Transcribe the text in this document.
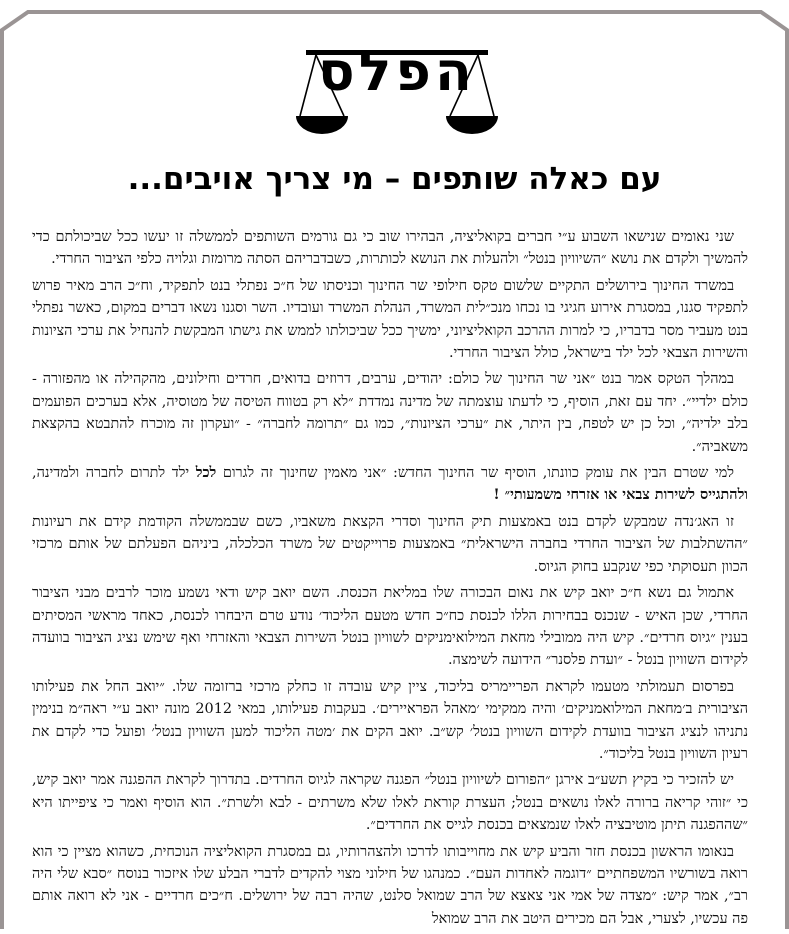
הפלס
עם כאלה שותפים – מי צריך אויבים...

שני נאומים שנישאו השבוע ע״י חברים בקואליציה, הבהירו שוב כי גם גורמים השותפים לממשלה זו יעשו ככל שביכולתם כדי להמשיך ולקדם את נושא ״השיוויון בנטל״ ולהעלות את הנושא לכותרות, כשבדבריהם הסתה מרומזת וגלויה כלפי הציבור החרדי.

במשרד החינוך בירושלים התקיים שלשום טקס חילופי שר החינוך וכניסתו של ח״כ נפתלי בנט לתפקיד, וח״כ הרב מאיר פרוש לתפקיד סגנו, במסגרת אירוע חגיגי בו נכחו מנכ״לית המשרד, הנהלת המשרד ועובדיו. השר וסגנו נשאו דברים במקום, כאשר נפתלי בנט מעביר מסר בדבריו, כי למרות ההרכב הקואליציוני, ימשיך ככל שביכולתו לממש את גישתו המבקשת להנחיל את ערכי הציונות והשירות הצבאי לכל ילד בישראל, כולל הציבור החרדי.

במהלך הטקס אמר בנט ״אני שר החינוך של כולם: יהודים, ערבים, דרוזים בדואים, חרדים וחילונים, מהקהילה או מהפזורה - כולם ילדיי״. יחד עם זאת, הוסיף, כי לדעתו עוצמתה של מדינה נמדדת ״לא רק בטווח הטיסה של מטוסיה, אלא בערכים הפועמים בלב ילדיה״, וכל כן יש לטפח, בין היתר, את ״ערכי הציונות״, כמו גם ״תרומה לחברה״ - ״ועקרון זה מוכרח להתבטא בהקצאת משאביה״.

למי שטרם הבין את עומק כוונתו, הוסיף שר החינוך החדש: ״אני מאמין שחינוך זה לגרום לכל ילד לתרום לחברה ולמדינה, ולהתגייס לשירות צבאי או אזרחי משמעותי״ !

זו האג׳נדה שמבקש לקדם בנט באמצעות תיק החינוך וסדרי הקצאת משאביו, כשם שבממשלה הקודמת קידם את רעיונות ״ההשתלבות של הציבור החרדי בחברה הישראלית״ באמצעות פרוייקטים של משרד הכלכלה, ביניהם הפעלתם של אותם מרכזי הכוון תעסוקתי כפי שנקבע בחוק הגיוס.

אתמול גם נשא ח״כ יואב קיש את נאום הבכורה שלו במליאת הכנסת. השם יואב קיש ודאי נשמע מוכר לרבים מבני הציבור החרדי, שכן האיש - שנכנס בבחירות הללו לכנסת כח״כ חדש מטעם הליכוד׳ נודע טרם היבחרו לכנסת, כאחד מראשי המסיתים בענין ״גיוס חרדים״. קיש היה ממובילי מחאת המילואימניקים לשוויון בנטל השירות הצבאי והאזרחי ואף שימש נציג הציבור בוועדה לקידום השוויון בנטל - ״ועדת פלסנר״ הידועה לשימצה.

בפרסום תעמולתי מטעמו לקראת הפריימריס בליכוד, ציין קיש עובדה זו כחלק מרכזי ברזומה שלו. ״יואב החל את פעילותו הציבורית ב׳מחאת המילואמניקים׳ והיה ממקימי ׳מאהל הפראיירים׳. בעקבות פעילותו, במאי 2012 מונה יואב ע״י ראה״מ בנימין נתניהו לנציג הציבור בוועדת לקידום השוויון בנטל׳ קש״ב. יואב הקים את ׳מטה הליכוד למען השוויון בנטל׳ ופועל כדי לקדם את רעיון השוויון בנטל בליכוד״.

יש להזכיר כי בקיץ תשע״ב אירגן ״הפורום לשיוויון בנטל״ הפגנה שקראה לגיוס החרדים. בתדרוך לקראת ההפגנה אמר יואב קיש, כי ״זוהי קריאה ברורה לאלו נושאים בנטל; העצרת קוראת לאלו שלא משרתים - לבא ולשרת״. הוא הוסיף ואמר כי ציפייתו היא ״שההפגנה תיתן מוטיבציה לאלו שנמצאים בכנסת לגייס את החרדים״.

בנאומו הראשון בכנסת חזר והביע קיש את מחוייבותו לדרכו ולהצהרותיו, גם במסגרת הקואליציה הנוכחית, כשהוא מציין כי הוא רואה בשורשיו המשפחתיים ״דוגמה לאחדות העם״. כמנהגו של חילוני מצוי להקדים לדברי הבלע שלו איזכור בנוסח ״סבא שלי היה רב״, אמר קיש: ״מצדה של אמי אני צאצא של הרב שמואל סלנט, שהיה רבה של ירושלים. ח״כים חרדיים - אני לא רואה אותם פה עכשיו, לצערי, אבל הם מכירים היטב את הרב שמואל
